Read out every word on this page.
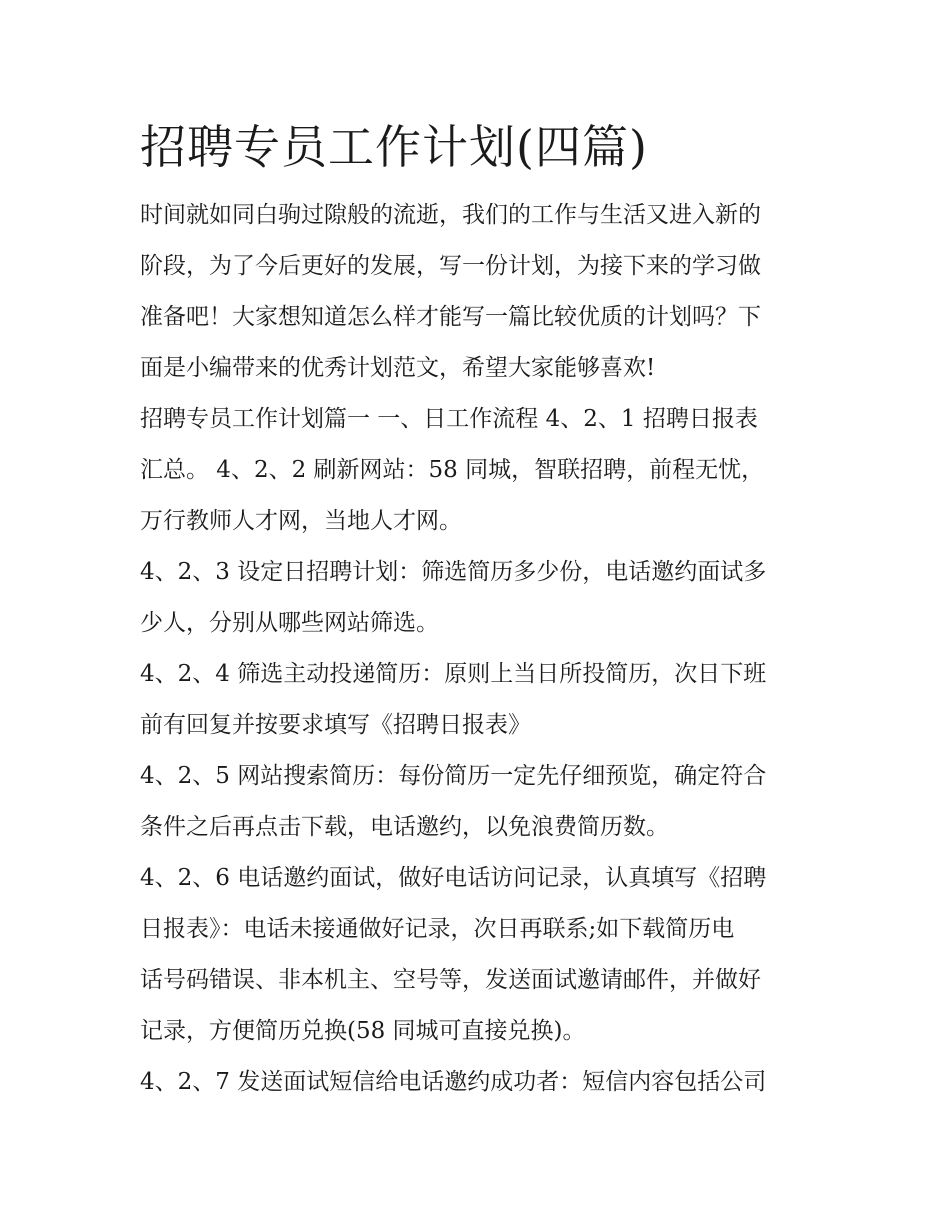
招聘专员工作计划(四篇)
时间就如同白驹过隙般的流逝，我们的工作与生活又进入新的
阶段，为了今后更好的发展，写一份计划，为接下来的学习做
准备吧！大家想知道怎么样才能写一篇比较优质的计划吗？下
面是小编带来的优秀计划范文，希望大家能够喜欢!
招聘专员工作计划篇一 一、日工作流程 4、2、1 招聘日报表
汇总。 4、2、2 刷新网站：58 同城，智联招聘，前程无忧，
万行教师人才网，当地人才网。
4、2、3 设定日招聘计划：筛选简历多少份，电话邀约面试多
少人，分别从哪些网站筛选。
4、2、4 筛选主动投递简历：原则上当日所投简历，次日下班
前有回复并按要求填写《招聘日报表》
4、2、5 网站搜索简历：每份简历一定先仔细预览，确定符合
条件之后再点击下载，电话邀约，以免浪费简历数。
4、2、6 电话邀约面试，做好电话访问记录，认真填写《招聘
日报表》：电话未接通做好记录，次日再联系;如下载简历电
话号码错误、非本机主、空号等，发送面试邀请邮件，并做好
记录，方便简历兑换(58 同城可直接兑换)。
4、2、7 发送面试短信给电话邀约成功者：短信内容包括公司
